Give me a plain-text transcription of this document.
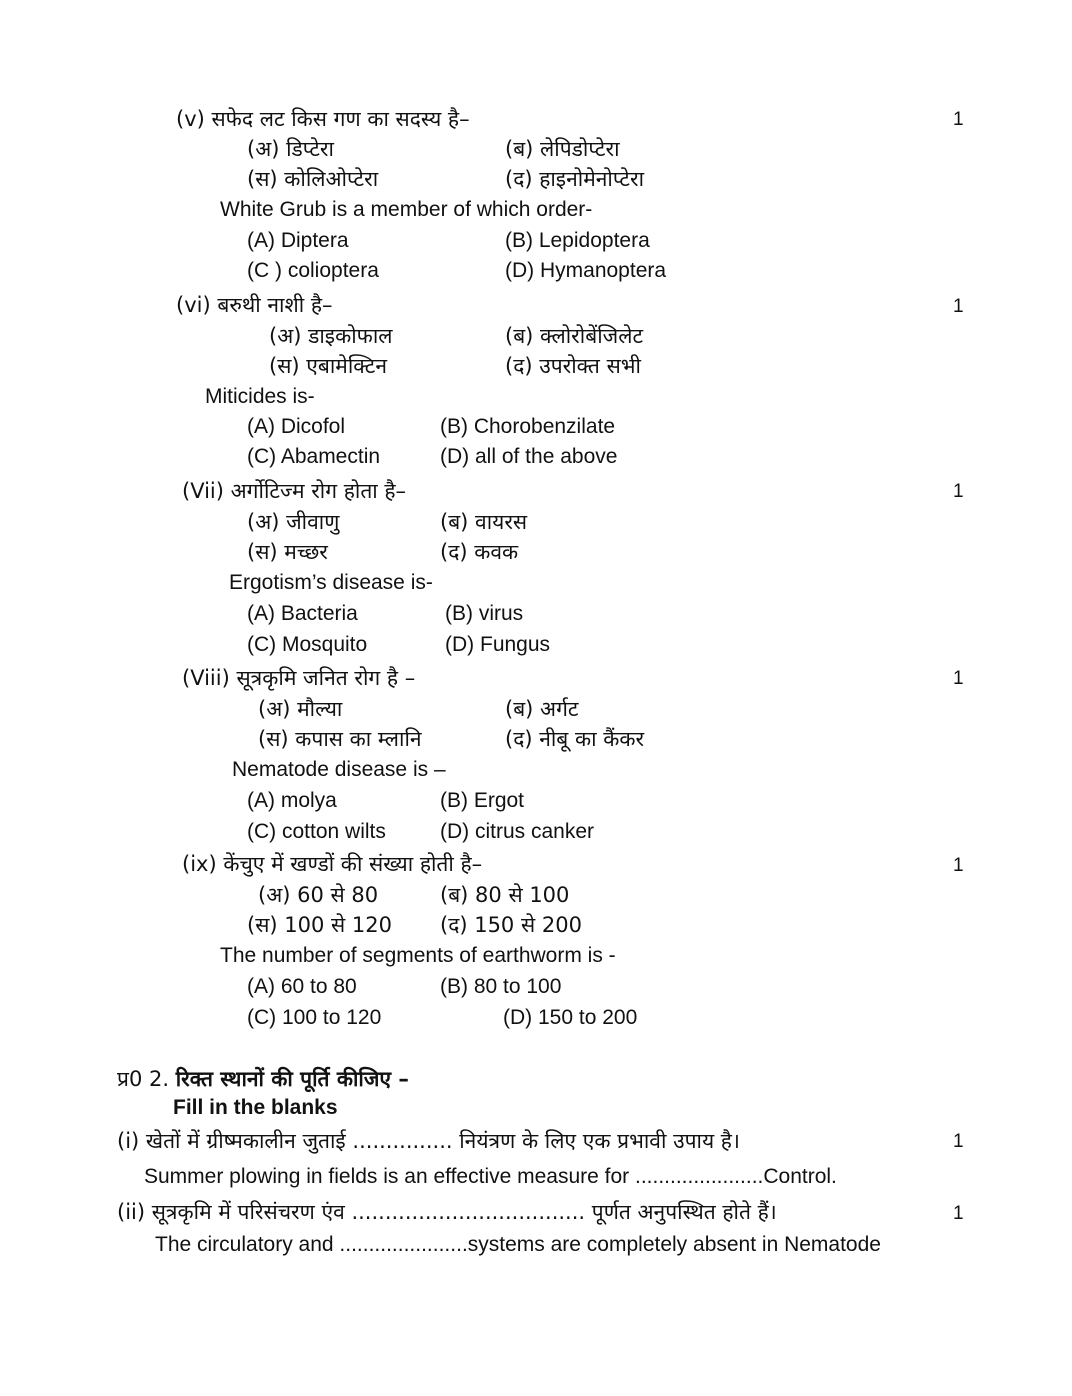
(v) सफेद लट किस गण का सदस्य है–	1
(अ) डिप्टेरा	(ब) लेपिडोप्टेरा
(स) कोलिओप्टेरा	(द) हाइनोमेनोप्टेरा
White Grub is a member of which order-
(A) Diptera	(B) Lepidoptera
(C ) colioptera	(D) Hymanoptera
(vi) बरुथी नाशी है–	1
(अ) डाइकोफाल	(ब) क्लोरोबेंजिलेट
(स) एबामेक्टिन	(द) उपरोक्त सभी
Miticides is-
(A) Dicofol	(B) Chorobenzilate
(C) Abamectin	(D) all of the above
(Vii) अर्गोटिज्म रोग होता है–	1
(अ) जीवाणु	(ब) वायरस
(स) मच्छर	(द) कवक
Ergotism’s disease is-
(A) Bacteria	(B) virus
(C) Mosquito	(D) Fungus
(Viii) सूत्रकृमि जनित रोग है –	1
(अ) मौल्या	(ब) अर्गट
(स) कपास का म्लानि	(द) नीबू का कैंकर
Nematode disease is –
(A) molya	(B) Ergot
(C) cotton wilts	(D) citrus canker
(ix) केंचुए में खण्डों की संख्या होती है–	1
(अ) 60 से 80	(ब) 80 से 100
(स) 100 से 120 (द) 150 से 200
The number of segments of earthworm is -
(A) 60 to 80	(B) 80 to 100
(C) 100 to 120	(D) 150 to 200
प्र0 2. रिक्त स्थानों की पूर्ति कीजिए –
Fill in the blanks
(i) खेतों में ग्रीष्मकालीन जुताई ............... नियंत्रण के लिए एक प्रभावी उपाय है।	1
Summer plowing in fields is an effective measure for ......................Control.
(ii) सूत्रकृमि में परिसंचरण एंव ................................... पूर्णत अनुपस्थित होते हैं।	1
The circulatory and ......................systems are completely absent in Nematode
